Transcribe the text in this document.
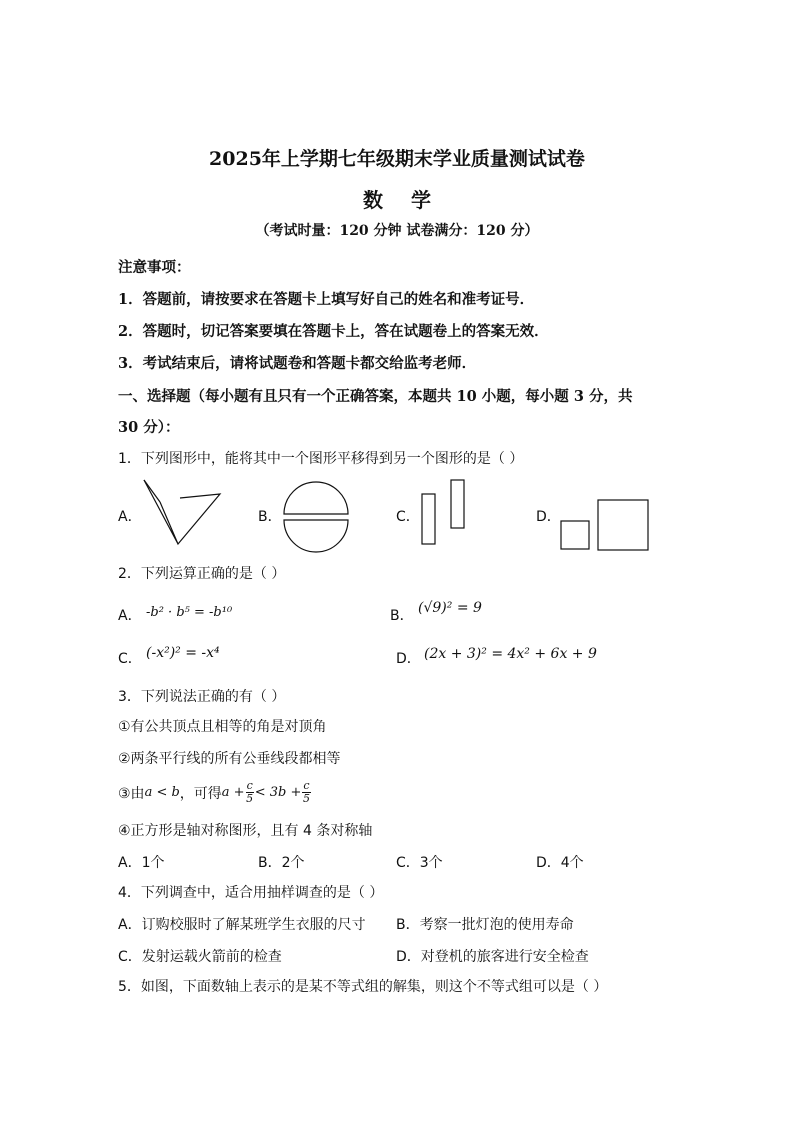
2025年上学期七年级期末学业质量测试试卷
数学
（考试时量：120 分钟 试卷满分：120 分）
注意事项：
1．答题前，请按要求在答题卡上填写好自己的姓名和准考证号．
2．答题时，切记答案要填在答题卡上，答在试题卷上的答案无效．
3．考试结束后，请将试题卷和答题卡都交给监考老师．
一、选择题（每小题有且只有一个正确答案，本题共 10 小题，每小题 3 分，共
30 分）：
1．下列图形中，能将其中一个图形平移得到另一个图形的是（ ）
A．	B．	C．	D．
2．下列运算正确的是（ ）
A． -b² · b⁵ = -b¹⁰	B． (√9)² = 9
C． (-x²)² = -x⁴	D． (2x + 3)² = 4x² + 6x + 9
3．下列说法正确的有（ ）
①有公共顶点且相等的角是对顶角
②两条平行线的所有公垂线段都相等
③由 a < b ，可得 $a + \frac{c}{5} < 3b + \frac{c}{5}$
④正方形是轴对称图形，且有 4 条对称轴
A．1个	B．2个	C．3个	D．4个
4．下列调查中，适合用抽样调查的是（ ）
A．订购校服时了解某班学生衣服的尺寸 B．考察一批灯泡的使用寿命
C．发射运载火箭前的检查	D．对登机的旅客进行安全检查
5．如图，下面数轴上表示的是某不等式组的解集，则这个不等式组可以是（ ）
